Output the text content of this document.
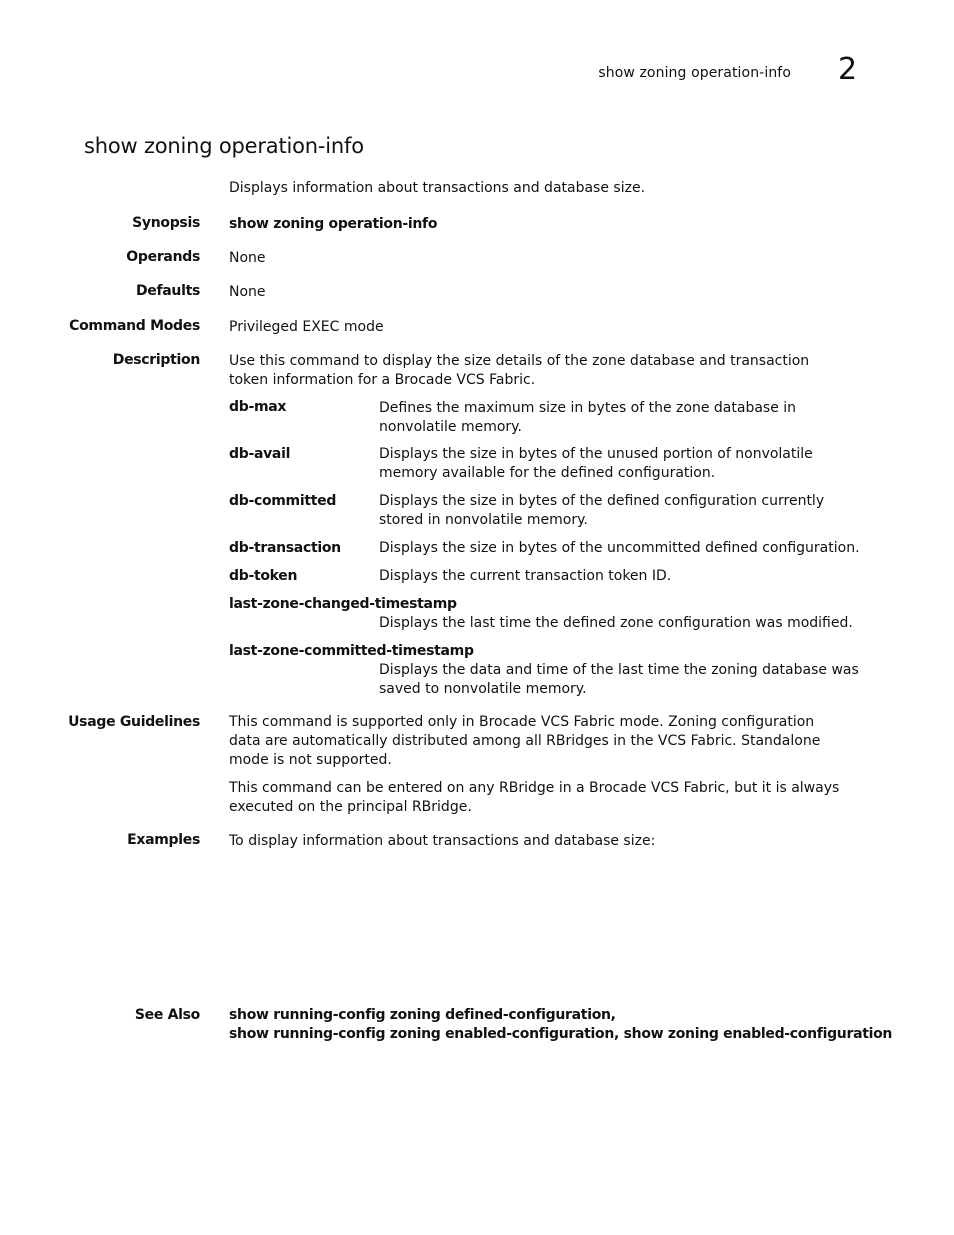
show zoning operation-info 2
show zoning operation-info
Displays information about transactions and database size.
Synopsis show zoning operation-info
Operands None
Defaults None
Command Modes Privileged EXEC mode
Description Use this command to display the size details of the zone database and transaction token information for a Brocade VCS Fabric.
db-max	Defines the maximum size in bytes of the zone database in nonvolatile memory.
db-avail	Displays the size in bytes of the unused portion of nonvolatile memory available for the defined configuration.
db-committed	Displays the size in bytes of the defined configuration currently stored in nonvolatile memory.
db-transaction	Displays the size in bytes of the uncommitted defined configuration.
db-token	Displays the current transaction token ID.
last-zone-changed-timestamp
Displays the last time the defined zone configuration was modified.
last-zone-committed-timestamp
Displays the data and time of the last time the zoning database was saved to nonvolatile memory.
Usage Guidelines This command is supported only in Brocade VCS Fabric mode. Zoning configuration data are automatically distributed among all RBridges in the VCS Fabric. Standalone mode is not supported.
This command can be entered on any RBridge in a Brocade VCS Fabric, but it is always executed on the principal RBridge.
Examples To display information about transactions and database size:
See Also show running-config zoning defined-configuration,
show running-config zoning enabled-configuration, show zoning enabled-configuration
